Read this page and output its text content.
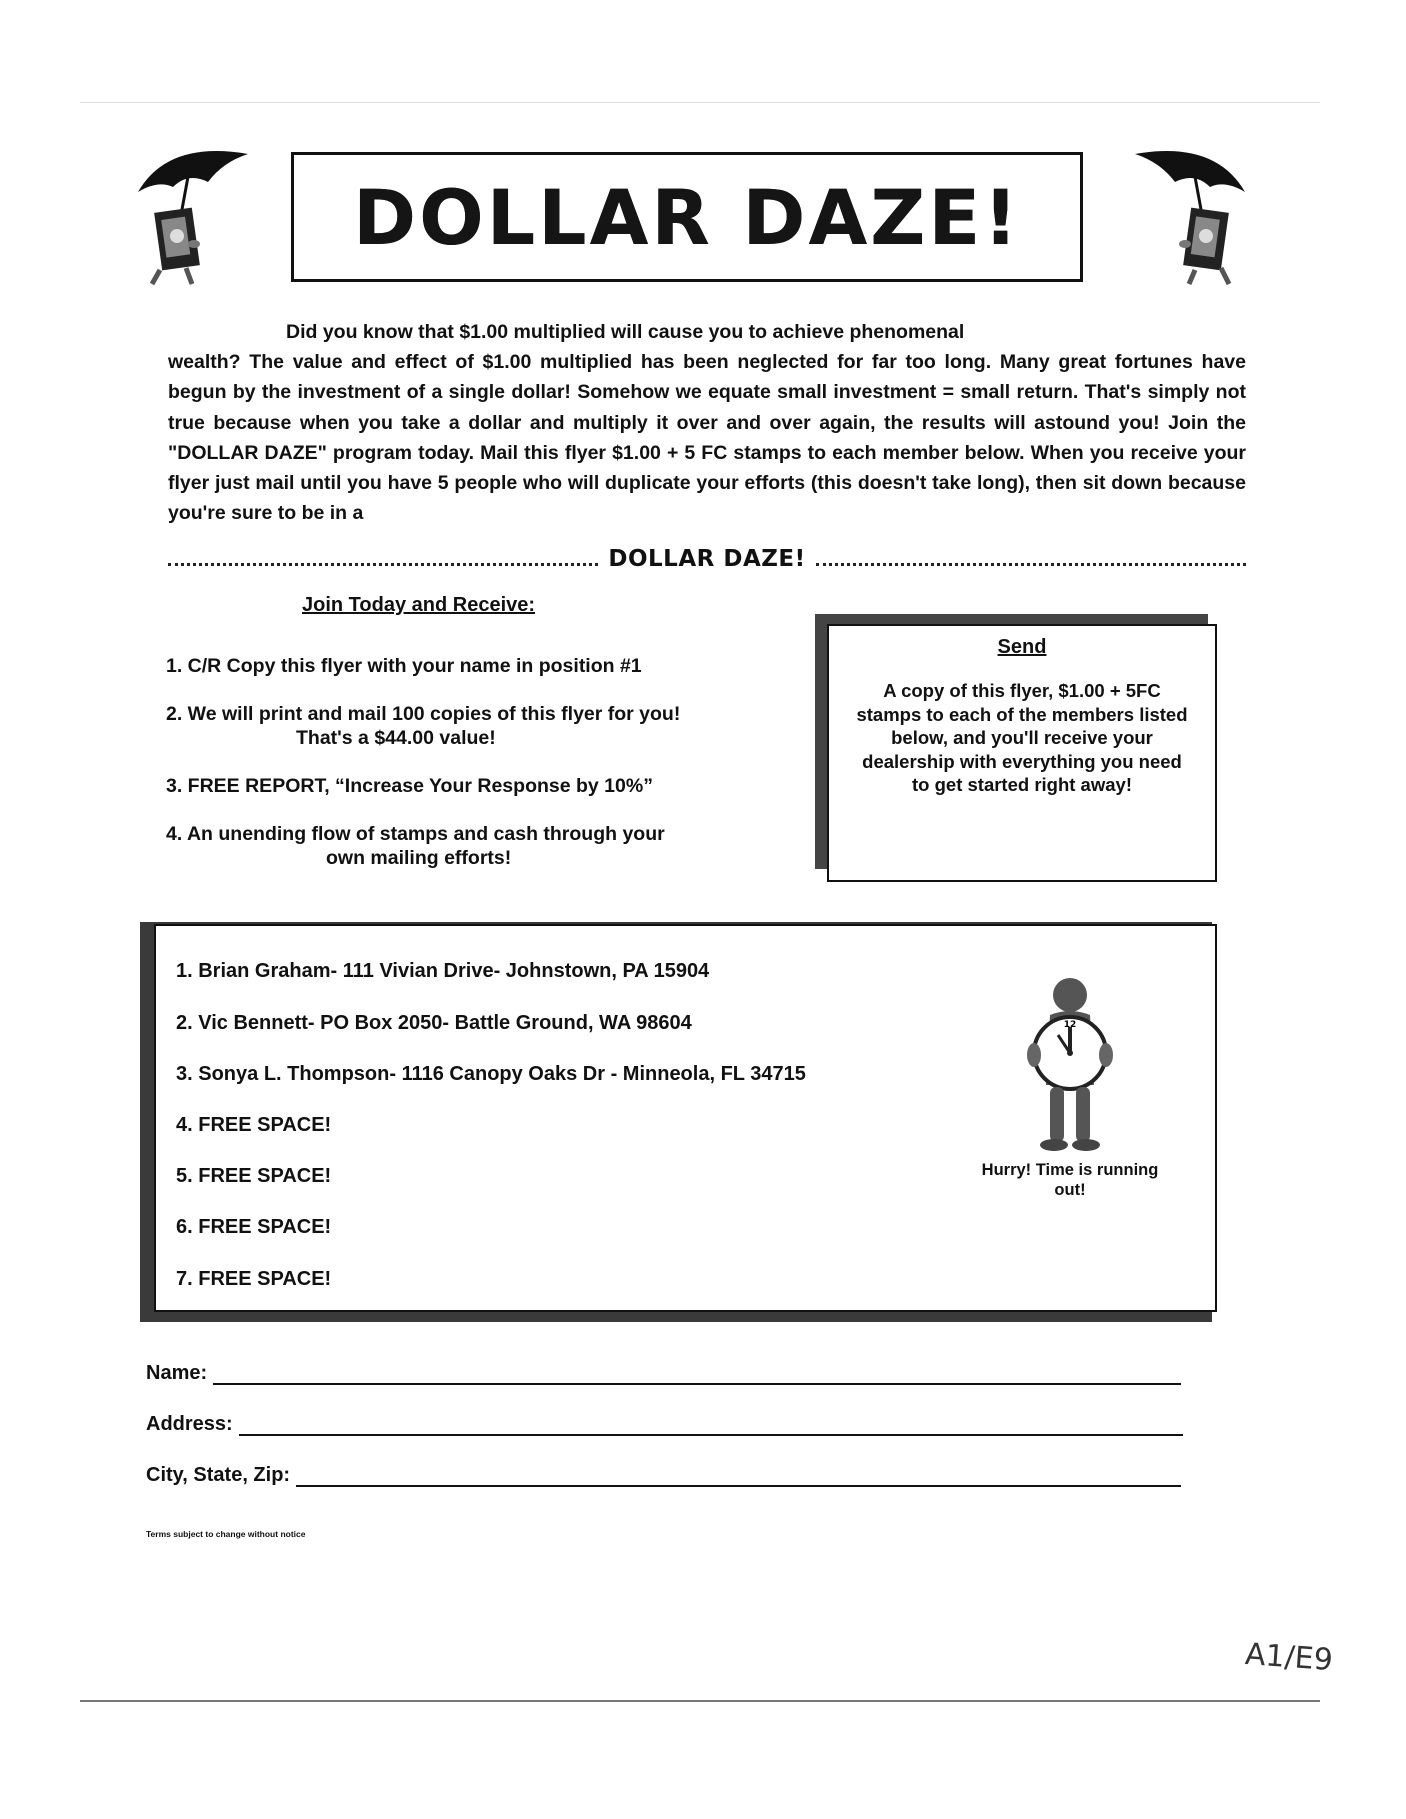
DOLLAR DAZE!

Did you know that $1.00 multiplied will cause you to achieve phenomenal
wealth? The value and effect of $1.00 multiplied has been neglected for far too long. Many great fortunes have begun by the investment of a single dollar! Somehow we equate small investment = small return. That's simply not true because when you take a dollar and multiply it over and over again, the results will astound you! Join the "DOLLAR DAZE" program today. Mail this flyer $1.00 + 5 FC stamps to each member below. When you receive your flyer just mail until you have 5 people who will duplicate your efforts (this doesn't take long), then sit down because you're sure to be in a

DOLLAR DAZE!

Join Today and Receive:

1. C/R Copy this flyer with your name in position #1
2. We will print and mail 100 copies of this flyer for you!
That's a $44.00 value!
3. FREE REPORT, “Increase Your Response by 10%”
4. An unending flow of stamps and cash through your
own mailing efforts!
Send
A copy of this flyer, $1.00 + 5FC stamps to each of the members listed below, and you'll receive your dealership with everything you need to get started right away!
1. Brian Graham- 111 Vivian Drive- Johnstown, PA 15904
2. Vic Bennett- PO Box 2050- Battle Ground, WA 98604
3. Sonya L. Thompson- 1116 Canopy Oaks Dr - Minneola, FL 34715
4. FREE SPACE!
5. FREE SPACE!
6. FREE SPACE!
7. FREE SPACE!
12
Hurry! Time is running out!
Name:
Address:
City, State, Zip:
Terms subject to change without notice
A1/E9
